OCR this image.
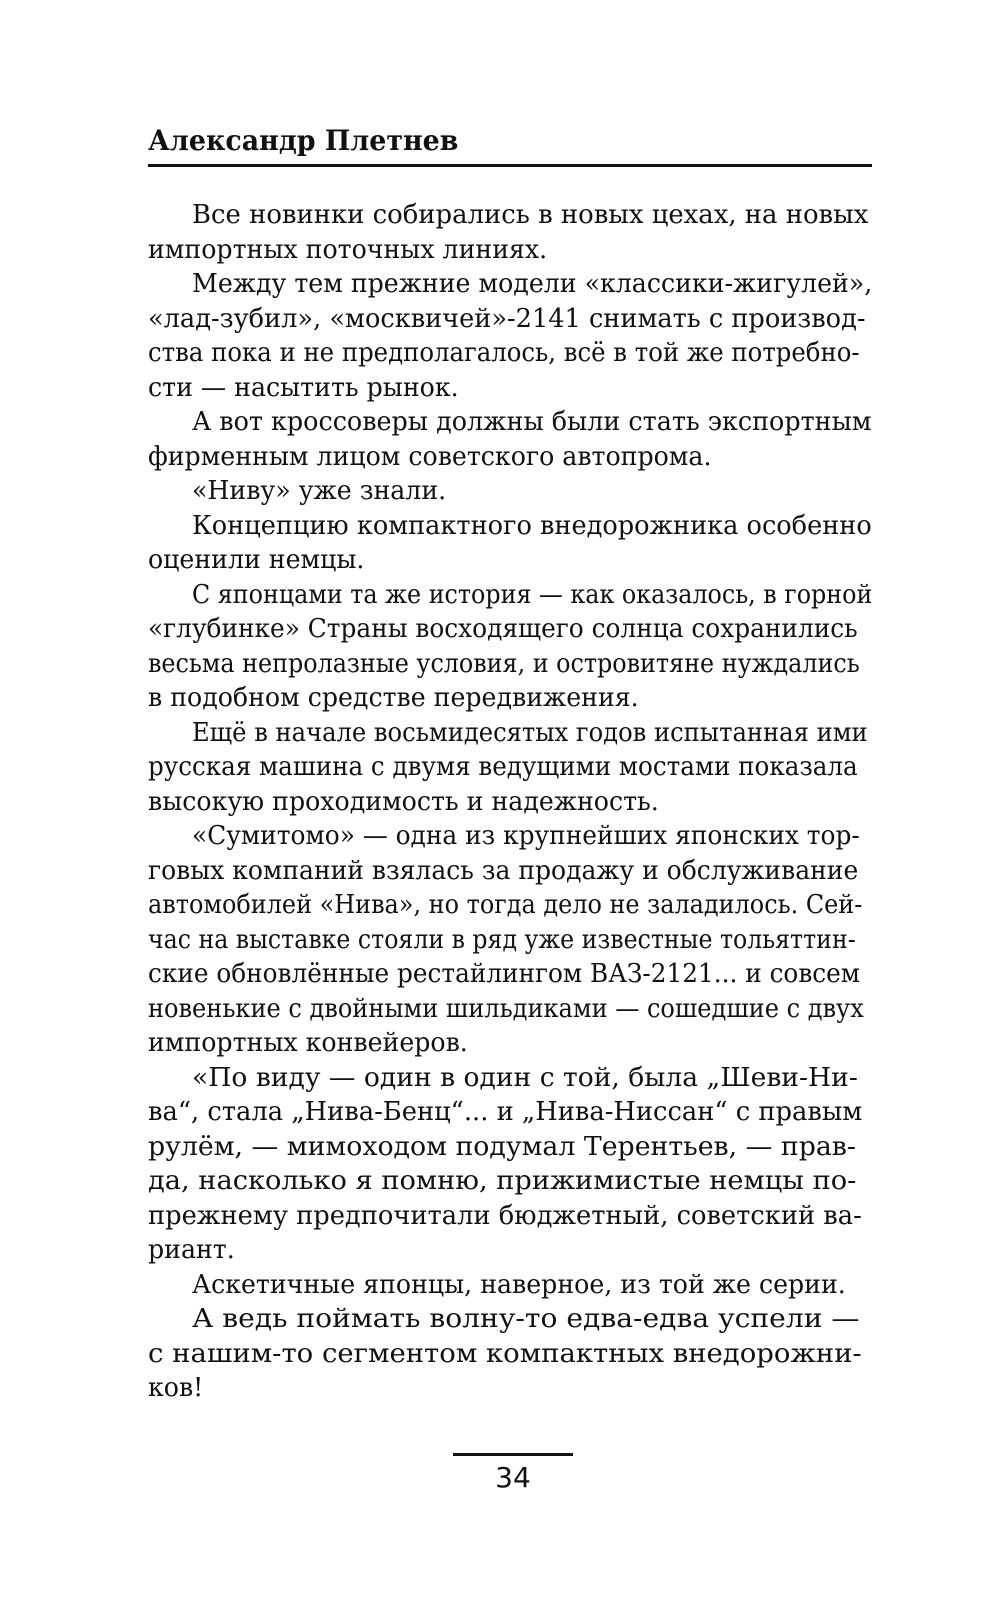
Александр Плетнев

Все новинки собирались в новых цехах, на новых

импортных поточных линиях.

Между тем прежние модели «классики-жигулей»,

«лад-зубил», «москвичей»-2141 снимать с производ-

ства пока и не предполагалось, всё в той же потребно-

сти — насытить рынок.

А вот кроссоверы должны были стать экспортным

фирменным лицом советского автопрома.

«Ниву» уже знали.

Концепцию компактного внедорожника особенно

оценили немцы.

С японцами та же история — как оказалось, в горной

«глубинке» Страны восходящего солнца сохранились

весьма непролазные условия, и островитяне нуждались

в подобном средстве передвижения.

Ещё в начале восьмидесятых годов испытанная ими

русская машина с двумя ведущими мостами показала

высокую проходимость и надежность.

«Сумитомо» — одна из крупнейших японских тор-

говых компаний взялась за продажу и обслуживание

автомобилей «Нива», но тогда дело не заладилось. Сей-

час на выставке стояли в ряд уже известные тольяттин-

ские обновлённые рестайлингом ВАЗ-2121... и совсем

новенькие с двойными шильдиками — сошедшие с двух

импортных конвейеров.

«По виду — один в один с той, была „Шеви-Ни-

ва“, стала „Нива-Бенц“... и „Нива-Ниссан“ с правым

рулём, — мимоходом подумал Терентьев, — прав-

да, насколько я помню, прижимистые немцы по-

прежнему предпочитали бюджетный, советский ва-

риант.

Аскетичные японцы, наверное, из той же серии.

А ведь поймать волну-то едва-едва успели —

с нашим-то сегментом компактных внедорожни-

ков!

34
